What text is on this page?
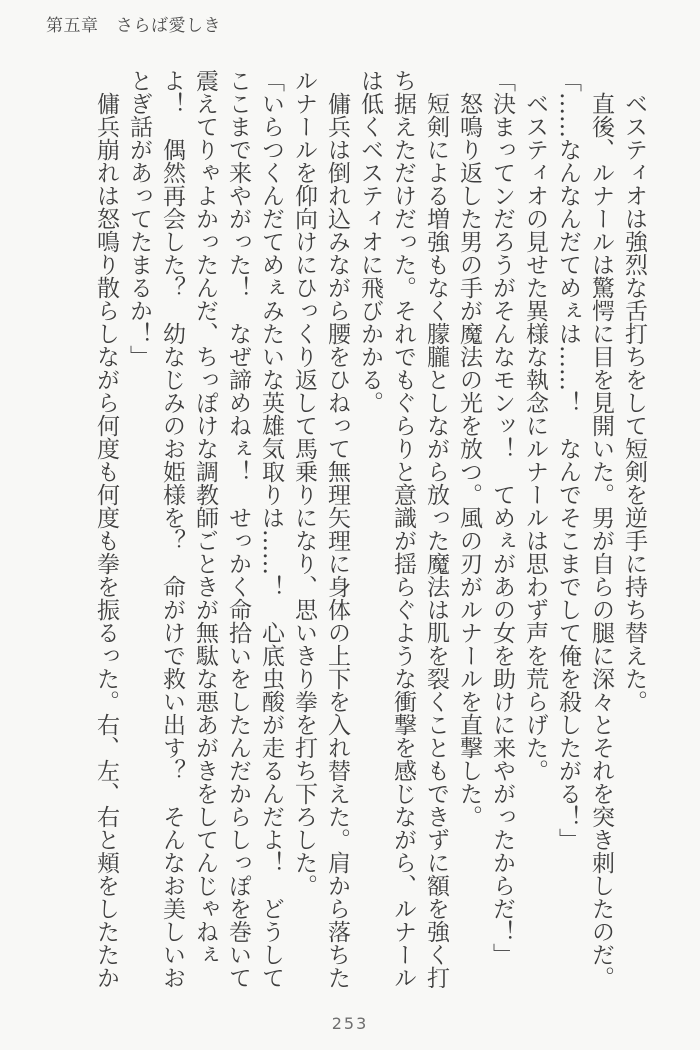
第五章　さらば愛しき

ベスティオは強烈な舌打ちをして短剣を逆手に持ち替えた。

直後、ルナールは驚愕に目を見開いた。男が自らの腿に深々とそれを突き刺したのだ。

「……なんなんだてめぇは……！　なんでそこまでして俺を殺したがる！」

ベスティオの見せた異様な執念にルナールは思わず声を荒らげた。

「決まってンだろうがそんなモンッ！　てめぇがあの女を助けに来やがったからだ！」

怒鳴り返した男の手が魔法の光を放つ。風の刃がルナールを直撃した。

短剣による増強もなく朦朧としながら放った魔法は肌を裂くこともできずに額を強く打ち据えただけだった。それでもぐらりと意識が揺らぐような衝撃を感じながら、ルナールは低くベスティオに飛びかかる。

傭兵は倒れ込みながら腰をひねって無理矢理に身体の上下を入れ替えた。肩から落ちたルナールを仰向けにひっくり返して馬乗りになり、思いきり拳を打ち下ろした。

「いらつくんだてめぇみたいな英雄気取りは……！　心底虫酸が走るんだよ！　どうしてここまで来やがった！　なぜ諦めねぇ！　せっかく命拾いをしたんだからしっぽを巻いて震えてりゃよかったんだ、ちっぽけな調教師ごときが無駄な悪あがきをしてんじゃねぇよ！　偶然再会した？　幼なじみのお姫様を？　命がけで救い出す？　そんなお美しいおとぎ話があってたまるか！」

傭兵崩れは怒鳴り散らしながら何度も何度も拳を振るった。右、左、右と頬をしたたか

253
